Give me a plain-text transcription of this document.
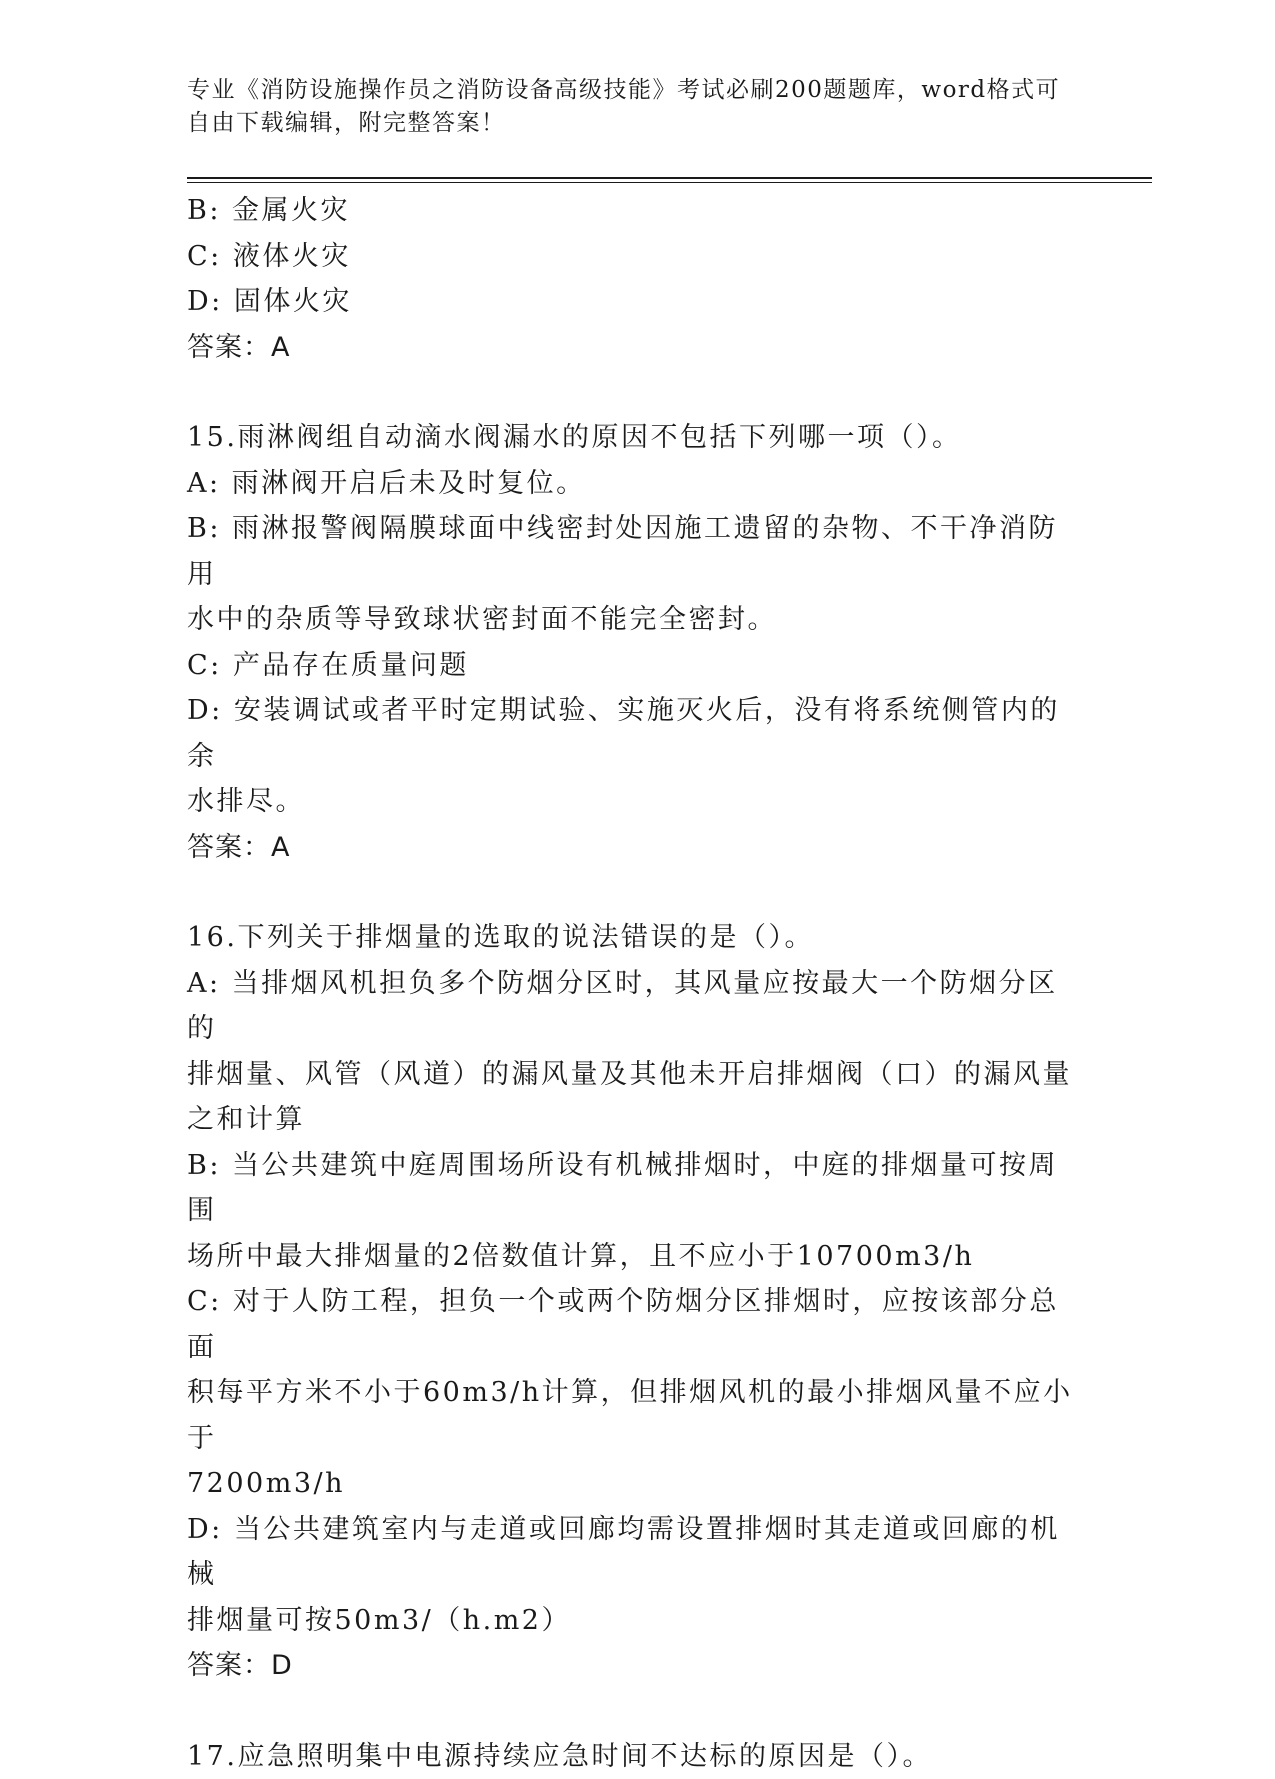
专业《消防设施操作员之消防设备高级技能》考试必刷200题题库，word格式可
自由下载编辑，附完整答案！
B: 金属火灾
C: 液体火灾
D: 固体火灾
答案：A
15.雨淋阀组自动滴水阀漏水的原因不包括下列哪一项（）。
A: 雨淋阀开启后未及时复位。
B: 雨淋报警阀隔膜球面中线密封处因施工遗留的杂物、不干净消防用
水中的杂质等导致球状密封面不能完全密封。
C: 产品存在质量问题
D: 安装调试或者平时定期试验、实施灭火后，没有将系统侧管内的余
水排尽。
答案：A
16.下列关于排烟量的选取的说法错误的是（）。
A: 当排烟风机担负多个防烟分区时，其风量应按最大一个防烟分区的
排烟量、风管（风道）的漏风量及其他未开启排烟阀（口）的漏风量
之和计算
B: 当公共建筑中庭周围场所设有机械排烟时，中庭的排烟量可按周围
场所中最大排烟量的2倍数值计算，且不应小于10700m3/h
C: 对于人防工程，担负一个或两个防烟分区排烟时，应按该部分总面
积每平方米不小于60m3/h计算，但排烟风机的最小排烟风量不应小于
7200m3/h
D: 当公共建筑室内与走道或回廊均需设置排烟时其走道或回廊的机械
排烟量可按50m3/（h.m2）
答案：D
17.应急照明集中电源持续应急时间不达标的原因是（）。
